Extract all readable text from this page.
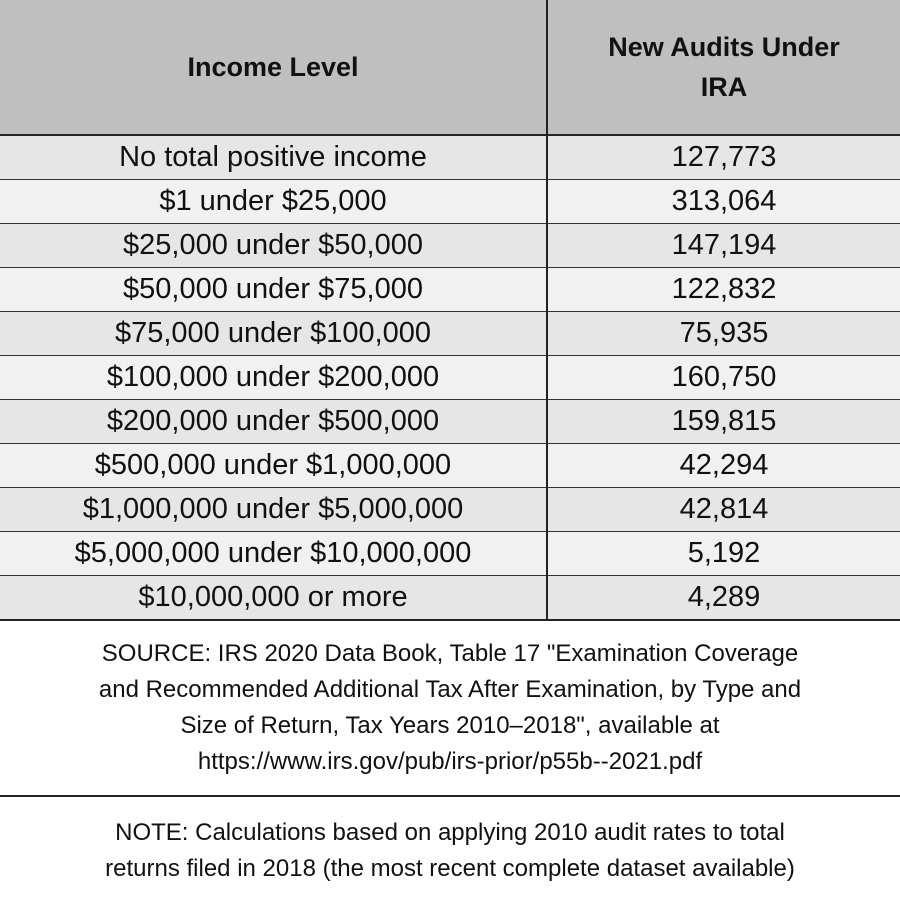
Income Level	New Audits Under
IRA

No total positive income	127,773
$1 under $25,000	313,064
$25,000 under $50,000	147,194
$50,000 under $75,000	122,832
$75,000 under $100,000	75,935
$100,000 under $200,000	160,750
$200,000 under $500,000	159,815
$500,000 under $1,000,000	42,294
$1,000,000 under $5,000,000	42,814
$5,000,000 under $10,000,000	5,192
$10,000,000 or more	4,289
SOURCE: IRS 2020 Data Book, Table 17 "Examination Coverage
and Recommended Additional Tax After Examination, by Type and
Size of Return, Tax Years 2010–2018", available at
https://www.irs.gov/pub/irs-prior/p55b--2021.pdf
NOTE: Calculations based on applying 2010 audit rates to total
returns filed in 2018 (the most recent complete dataset available)
